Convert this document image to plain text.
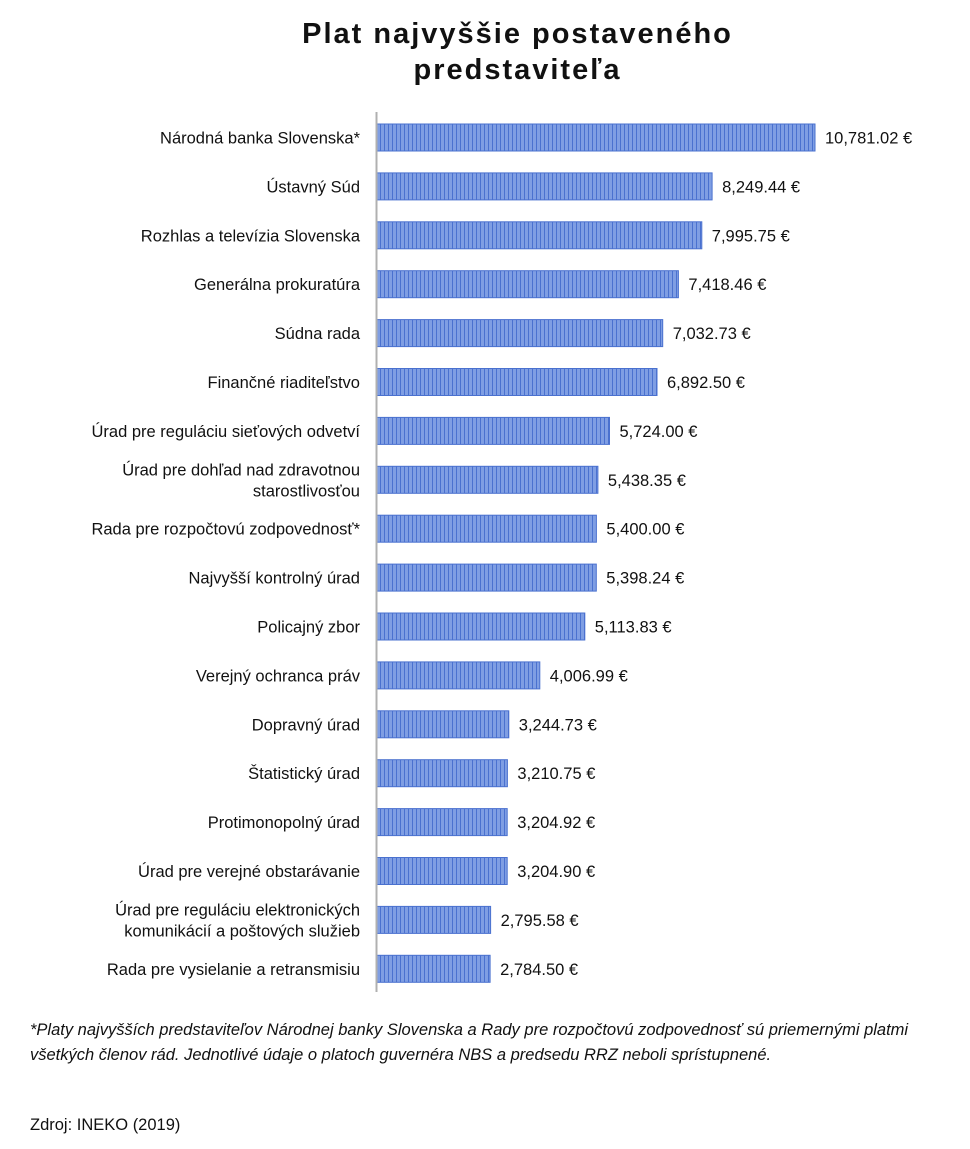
Plat najvyššie postaveného
predstaviteľa
10,781.02 €
Národná banka Slovenska*
8,249.44 €
Ústavný Súd
7,995.75 €
Rozhlas a televízia Slovenska
7,418.46 €
Generálna prokuratúra
7,032.73 €
Súdna rada
6,892.50 €
Finančné riaditeľstvo
5,724.00 €
Úrad pre reguláciu sieťových odvetví
5,438.35 €
Úrad pre dohľad nad zdravotnou starostlivosťou
5,400.00 €
Rada pre rozpočtovú zodpovednosť*
5,398.24 €
Najvyšší kontrolný úrad
5,113.83 €
Policajný zbor
4,006.99 €
Verejný ochranca práv
3,244.73 €
Dopravný úrad
3,210.75 €
Štatistický úrad
3,204.92 €
Protimonopolný úrad
3,204.90 €
Úrad pre verejné obstarávanie
2,795.58 €
Úrad pre reguláciu elektronických komunikácií a poštových služieb
2,784.50 €
Rada pre vysielanie a retransmisiu
*Platy najvyšších predstaviteľov Národnej banky Slovenska a Rady pre rozpočtovú zodpovednosť sú priemernými platmi všetkých členov rád. Jednotlivé údaje o platoch guvernéra NBS a predsedu RRZ neboli sprístupnené.
Zdroj: INEKO (2019)
